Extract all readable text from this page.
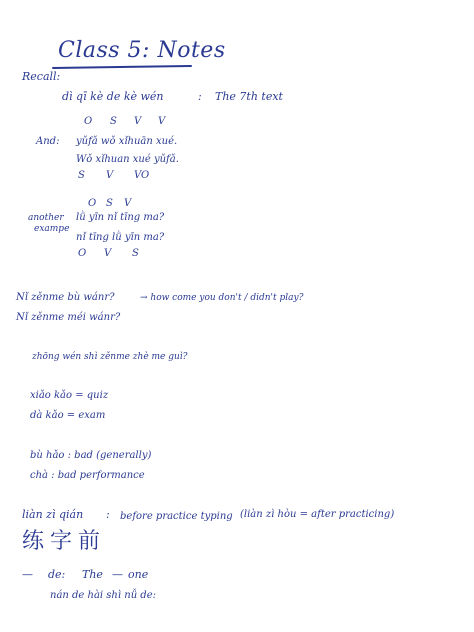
Class 5: Notes
Recall:
dì qī kè de kè wén	: The 7th text
O S V V
And: yǔfǎ wǒ xǐhuān xué.
Wǒ xǐhuan xué yǔfǎ.
S V VO
O S V
another
exampe
lǜ yīn nǐ tīng ma?
nǐ tīng lǜ yīn ma?
O V S
Nǐ zěnme bù wánr?	→ how come you don't / didn't play?
Nǐ zěnme méi wánr?
zhōng wén shì zěnme zhè me guì?
xiǎo kǎo = quiz
dà kǎo = exam
bù hǎo : bad (generally)
chà : bad performance
liàn zì qián : before practice typing (liàn zì hòu = after practicing)
练字前
— de: The — one
nán de hài shì nǚ de:
